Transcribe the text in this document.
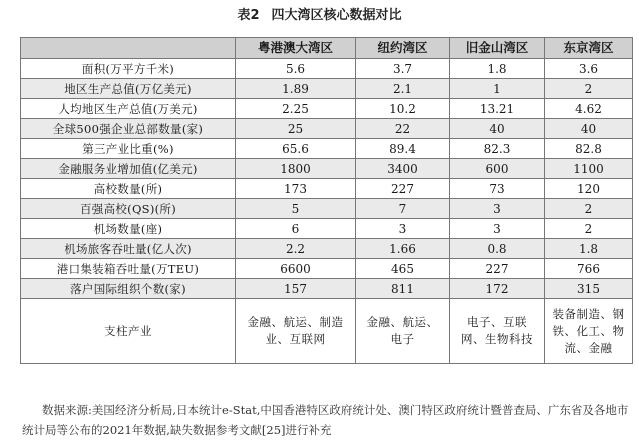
表2 四大湾区核心数据对比
	粤港澳大湾区	纽约湾区	旧金山湾区	东京湾区
面积(万平方千米)	5.6	3.7	1.8	3.6
地区生产总值(万亿美元)	1.89	2.1	1	2
人均地区生产总值(万美元)	2.25	10.2	13.21	4.62
全球500强企业总部数量(家)	25	22	40	40
第三产业比重(%)	65.6	89.4	82.3	82.8
金融服务业增加值(亿美元)	1800	3400	600	1100
高校数量(所)	173	227	73	120
百强高校(QS)(所)	5	7	3	2
机场数量(座)	6	3	3	2
机场旅客吞吐量(亿人次)	2.2	1.66	0.8	1.8
港口集装箱吞吐量(万TEU)	6600	465	227	766
落户国际组织个数(家)	157	811	172	315
支柱产业	金融、航运、制造业、互联网	金融、航运、电子	电子、互联网、生物科技	装备制造、钢铁、化工、物流、金融
数据来源:美国经济分析局,日本统计e-Stat,中国香港特区政府统计处、澳门特区政府统计暨普查局、广东省及各地市统计局等公布的2021年数据,缺失数据参考文献[25]进行补充
